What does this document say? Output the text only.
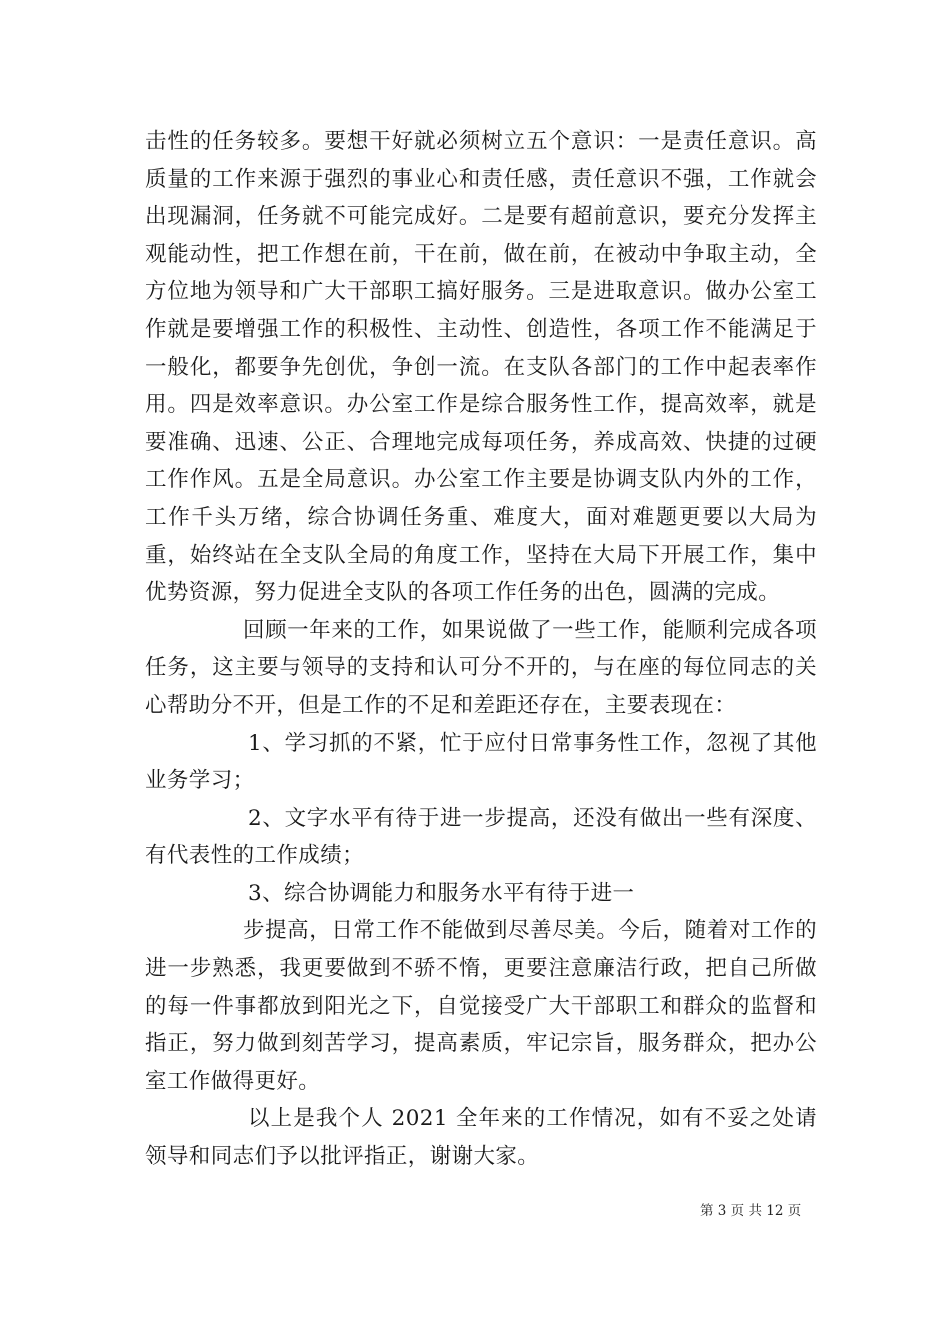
击性的任务较多。要想干好就必须树立五个意识：一是责任意识。高质量的工作来源于强烈的事业心和责任感，责任意识不强，工作就会出现漏洞，任务就不可能完成好。二是要有超前意识，要充分发挥主观能动性，把工作想在前，干在前，做在前，在被动中争取主动，全方位地为领导和广大干部职工搞好服务。三是进取意识。做办公室工作就是要增强工作的积极性、主动性、创造性，各项工作不能满足于一般化，都要争先创优，争创一流。在支队各部门的工作中起表率作用。四是效率意识。办公室工作是综合服务性工作，提高效率，就是要准确、迅速、公正、合理地完成每项任务，养成高效、快捷的过硬工作作风。五是全局意识。办公室工作主要是协调支队内外的工作，工作千头万绪，综合协调任务重、难度大，面对难题更要以大局为重，始终站在全支队全局的角度工作，坚持在大局下开展工作，集中优势资源，努力促进全支队的各项工作任务的出色，圆满的完成。

回顾一年来的工作，如果说做了一些工作，能顺利完成各项任务，这主要与领导的支持和认可分不开的，与在座的每位同志的关心帮助分不开，但是工作的不足和差距还存在，主要表现在：

1、学习抓的不紧，忙于应付日常事务性工作，忽视了其他业务学习；

2、文字水平有待于进一步提高，还没有做出一些有深度、有代表性的工作成绩；

3、综合协调能力和服务水平有待于进一

步提高，日常工作不能做到尽善尽美。今后，随着对工作的进一步熟悉，我更要做到不骄不惰，更要注意廉洁行政，把自己所做的每一件事都放到阳光之下，自觉接受广大干部职工和群众的监督和指正，努力做到刻苦学习，提高素质，牢记宗旨，服务群众，把办公室工作做得更好。

以上是我个人 2021 全年来的工作情况，如有不妥之处请领导和同志们予以批评指正，谢谢大家。

第 3 页 共 12 页
